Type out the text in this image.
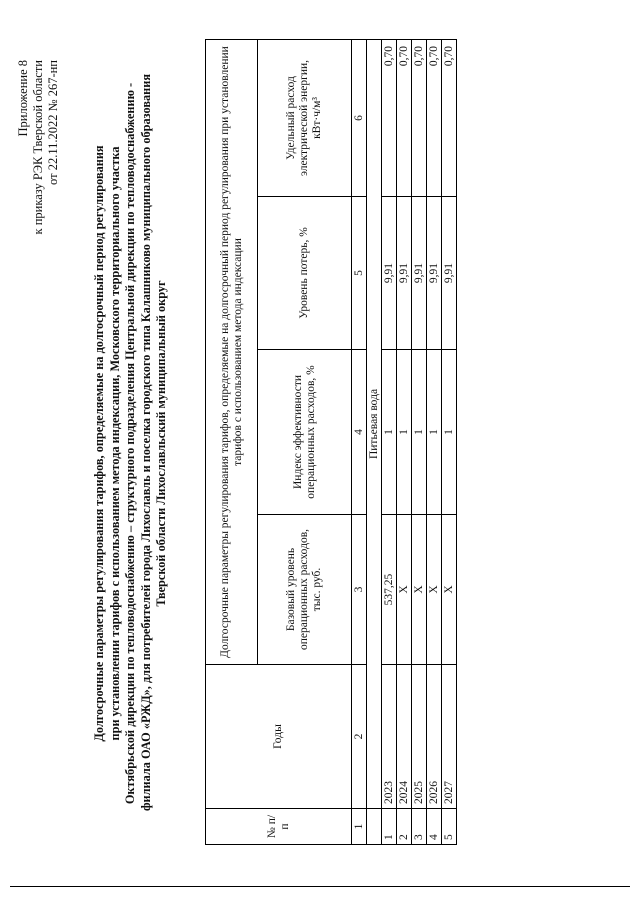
Приложение 8 к приказу РЭК Тверской области от 22.11.2022 № 267-нп
Долгосрочные параметры регулирования тарифов, определяемые на долгосрочный период регулирования при установлении тарифов с использованием метода индексации, Московского территориального участка Октябрьской дирекции по тепловодоснабжению – структурного подразделения Центральной дирекции по тепловодоснабжению - филиала ОАО «РЖД», для потребителей города Лихославль и поселка городского типа Калашниково муниципального образования Тверской области Лихославльский муниципальный округ
№ п/п	Годы	Долгосрочные параметры регулирования тарифов, определяемые на долгосрочный период регулирования при установлении тарифов с использованием метода индексации			
		Базовый уровень операционных расходов, тыс. руб.	Индекс эффективности операционных расходов, %	Уровень потерь, %	Удельный расход электрической энергии, кВт·ч/м³
1	2	3	4	5	6
	Питьевая вода				
1	2023	537,25	1	9,91	0,70
2	2024	Х	1	9,91	0,70
3	2025	Х	1	9,91	0,70
4	2026	Х	1	9,91	0,70
5	2027	Х	1	9,91	0,70
